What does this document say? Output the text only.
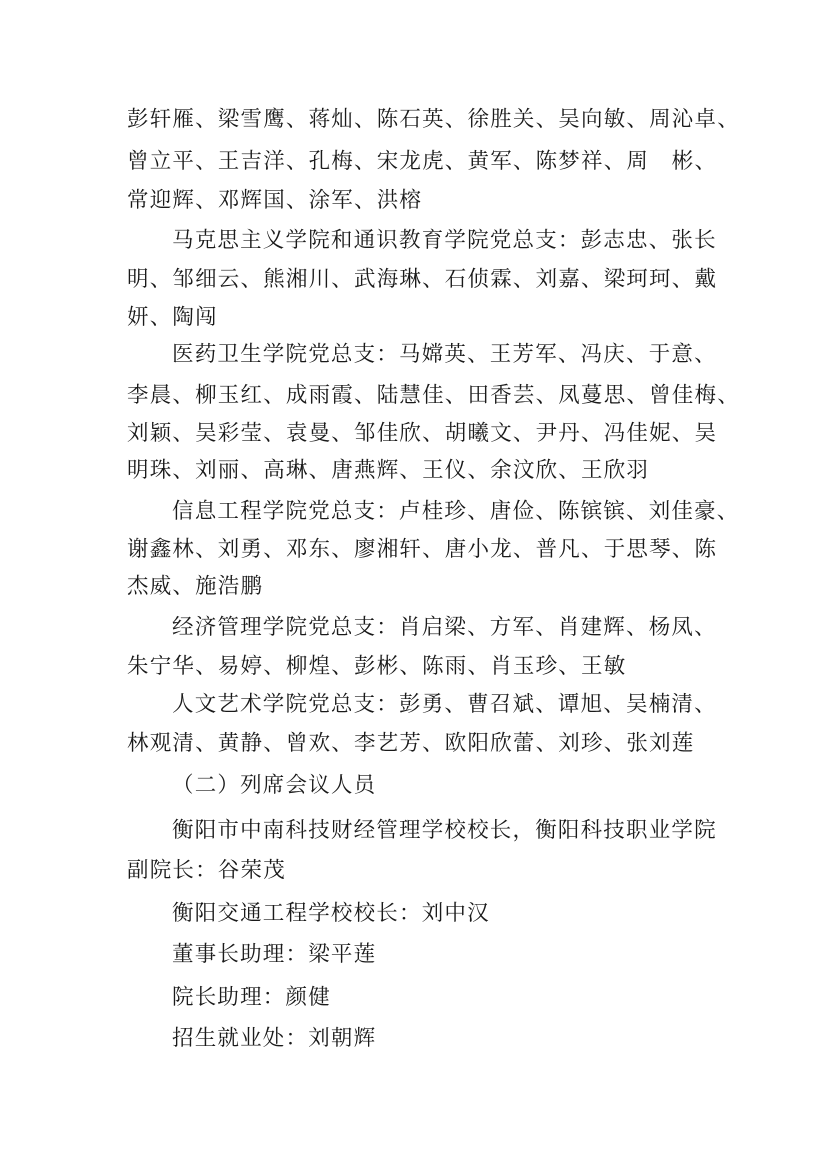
彭轩雁、梁雪鹰、蒋灿、陈石英、徐胜关、吴向敏、周沁卓、
曾立平、王吉洋、孔梅、宋龙虎、黄军、陈梦祥、周　彬、
常迎辉、邓辉国、涂军、洪榕
马克思主义学院和通识教育学院党总支：彭志忠、张长
明、邹细云、熊湘川、武海琳、石侦霖、刘嘉、梁珂珂、戴
妍、陶闯
医药卫生学院党总支：马嫦英、王芳军、冯庆、于意、
李晨、柳玉红、成雨霞、陆慧佳、田香芸、凤蔓思、曾佳梅、
刘颖、吴彩莹、袁曼、邹佳欣、胡曦文、尹丹、冯佳妮、吴
明珠、刘丽、高琳、唐燕辉、王仪、余汶欣、王欣羽
信息工程学院党总支：卢桂珍、唐俭、陈镔镔、刘佳豪、
谢鑫林、刘勇、邓东、廖湘轩、唐小龙、普凡、于思琴、陈
杰威、施浩鹏
经济管理学院党总支：肖启梁、方军、肖建辉、杨凤、
朱宁华、易婷、柳煌、彭彬、陈雨、肖玉珍、王敏
人文艺术学院党总支：彭勇、曹召斌、谭旭、吴楠清、
林观清、黄静、曾欢、李艺芳、欧阳欣蕾、刘珍、张刘莲
（二）列席会议人员
衡阳市中南科技财经管理学校校长，衡阳科技职业学院
副院长：谷荣茂
衡阳交通工程学校校长：刘中汉
董事长助理：梁平莲
院长助理：颜健
招生就业处：刘朝辉
